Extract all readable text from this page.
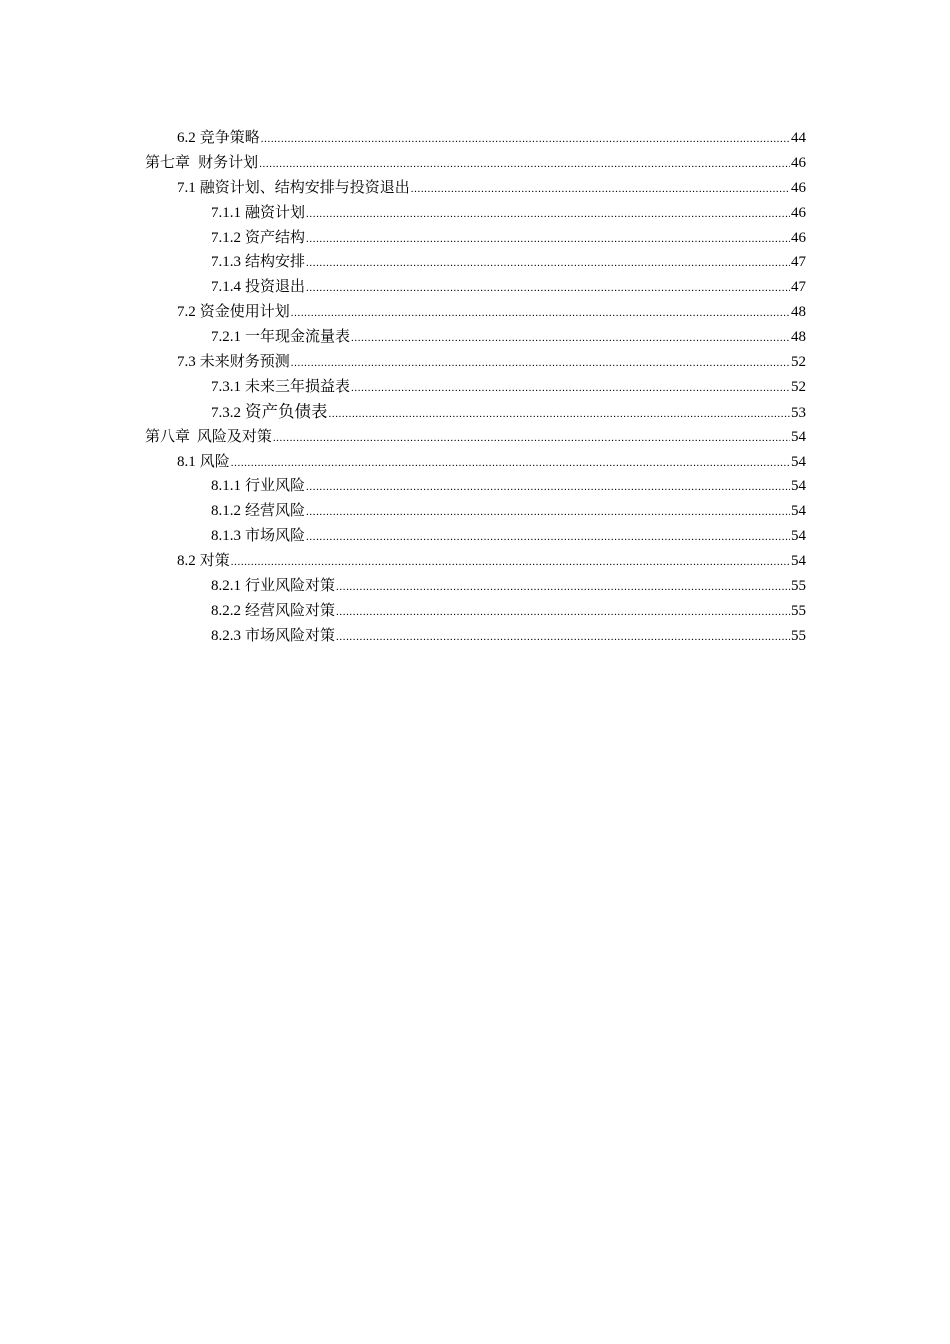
6.2 竞争策略 .....	44
第七章 财务计划 .....	46
7.1 融资计划、结构安排与投资退出 .....	46
7.1.1 融资计划 .....	46
7.1.2 资产结构 .....	46
7.1.3 结构安排 .....	47
7.1.4 投资退出 .....	47
7.2 资金使用计划 .....	48
7.2.1 一年现金流量表 .....	48
7.3 未来财务预测 .....	52
7.3.1 未来三年损益表 .....	52
7.3.2 资产负债表 .....	53
第八章 风险及对策 .....	54
8.1 风险 .....	54
8.1.1 行业风险 .....	54
8.1.2 经营风险 .....	54
8.1.3 市场风险 .....	54
8.2 对策 .....	54
8.2.1 行业风险对策 .....	55
8.2.2 经营风险对策 .....	55
8.2.3 市场风险对策 .....	55
